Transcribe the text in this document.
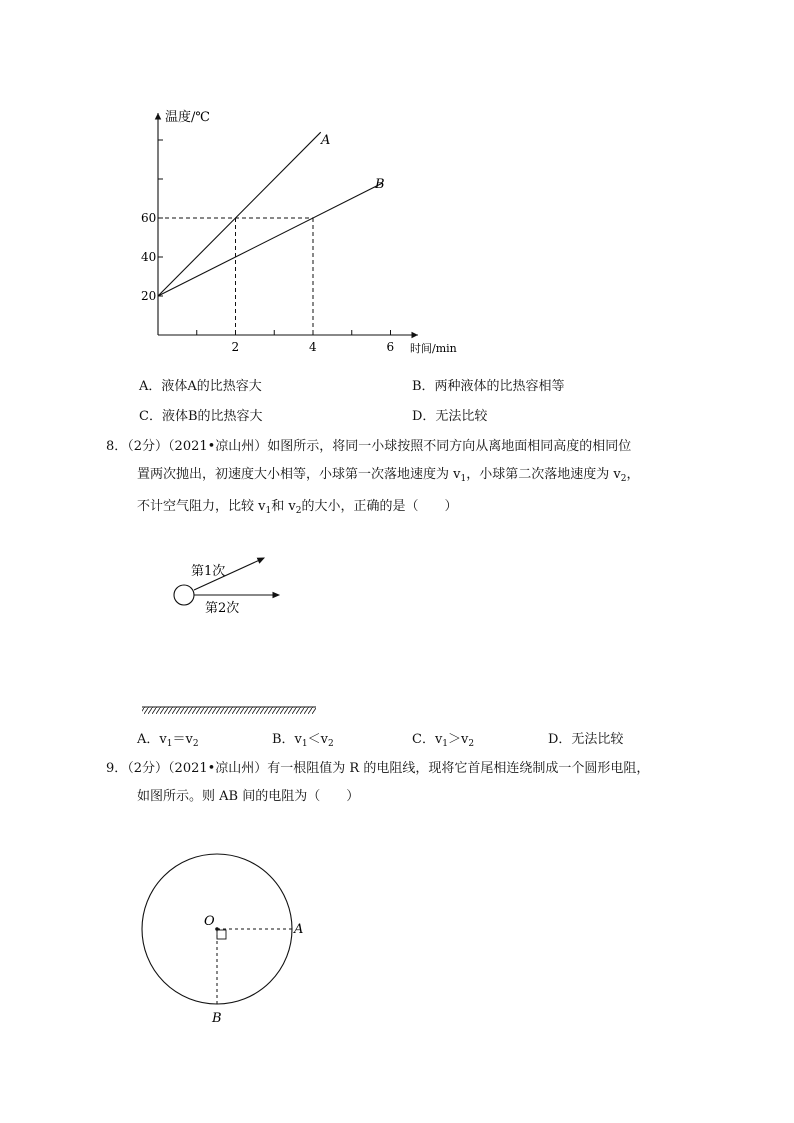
温度/℃
时间/min
2	4	6
20
40
60
A
B
A．液体A的比热容大	B．两种液体的比热容相等
C．液体B的比热容大	D．无法比较

8．（2分）（2021•凉山州）如图所示，将同一小球按照不同方向从离地面相同高度的相同位

置两次抛出，初速度大小相等，小球第一次落地速度为 $v_1$，小球第二次落地速度为 $v_2$，

不计空气阻力，比较 $v_1$和 $v_2$的大小，正确的是（　　）

第1次
第2次
A．$v_1=v_2$	B．$v_1<v_2$	C．$v_1>v_2$	D．无法比较

9．（2分）（2021•凉山州）有一根阻值为 R 的电阻线，现将它首尾相连绕制成一个圆形电阻，

如图所示。则 AB 间的电阻为（　　）

O
A
B
